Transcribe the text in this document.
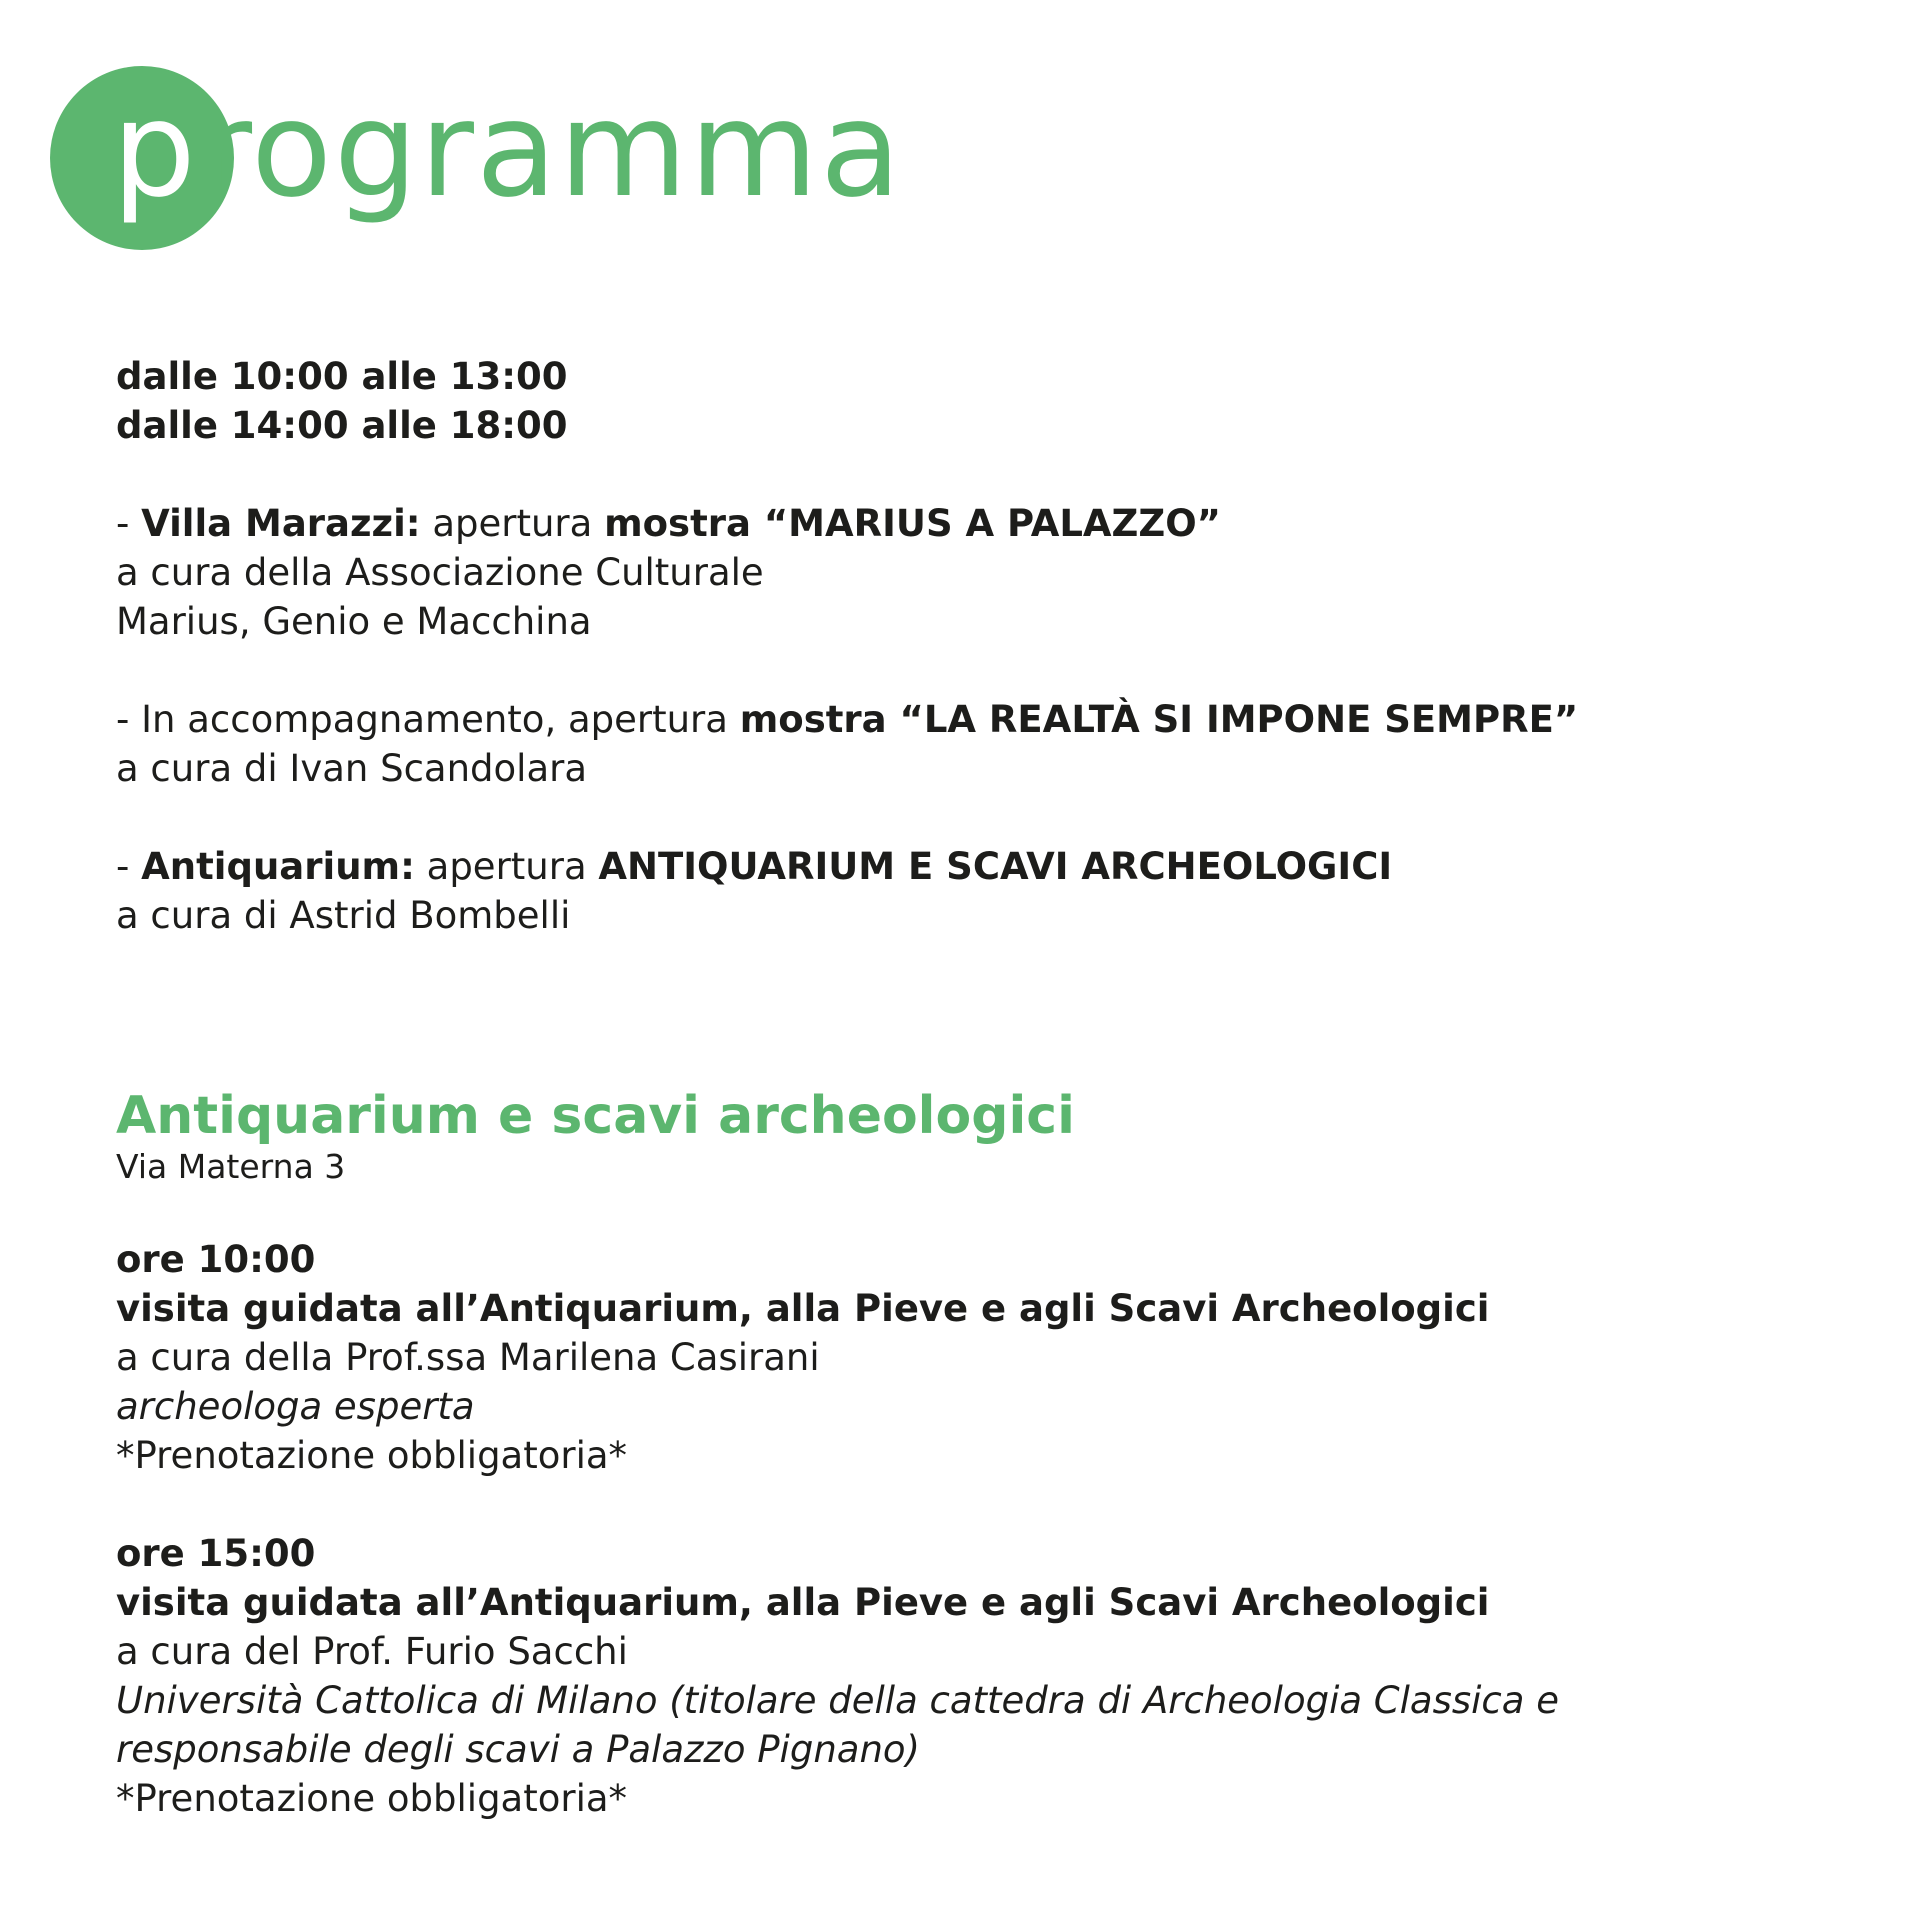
programma

dalle 10:00 alle 13:00

dalle 14:00 alle 18:00

- Villa Marazzi: apertura mostra “MARIUS A PALAZZO”

a cura della Associazione Culturale

Marius, Genio e Macchina

- In accompagnamento, apertura mostra “LA REALTÀ SI IMPONE SEMPRE”

a cura di Ivan Scandolara

- Antiquarium: apertura ANTIQUARIUM E SCAVI ARCHEOLOGICI

a cura di Astrid Bombelli

Antiquarium e scavi archeologici

Via Materna 3

ore 10:00

visita guidata all’Antiquarium, alla Pieve e agli Scavi Archeologici

a cura della Prof.ssa Marilena Casirani

archeologa esperta

*Prenotazione obbligatoria*

ore 15:00

visita guidata all’Antiquarium, alla Pieve e agli Scavi Archeologici

a cura del Prof. Furio Sacchi

Università Cattolica di Milano (titolare della cattedra di Archeologia Classica e

responsabile degli scavi a Palazzo Pignano)

*Prenotazione obbligatoria*
